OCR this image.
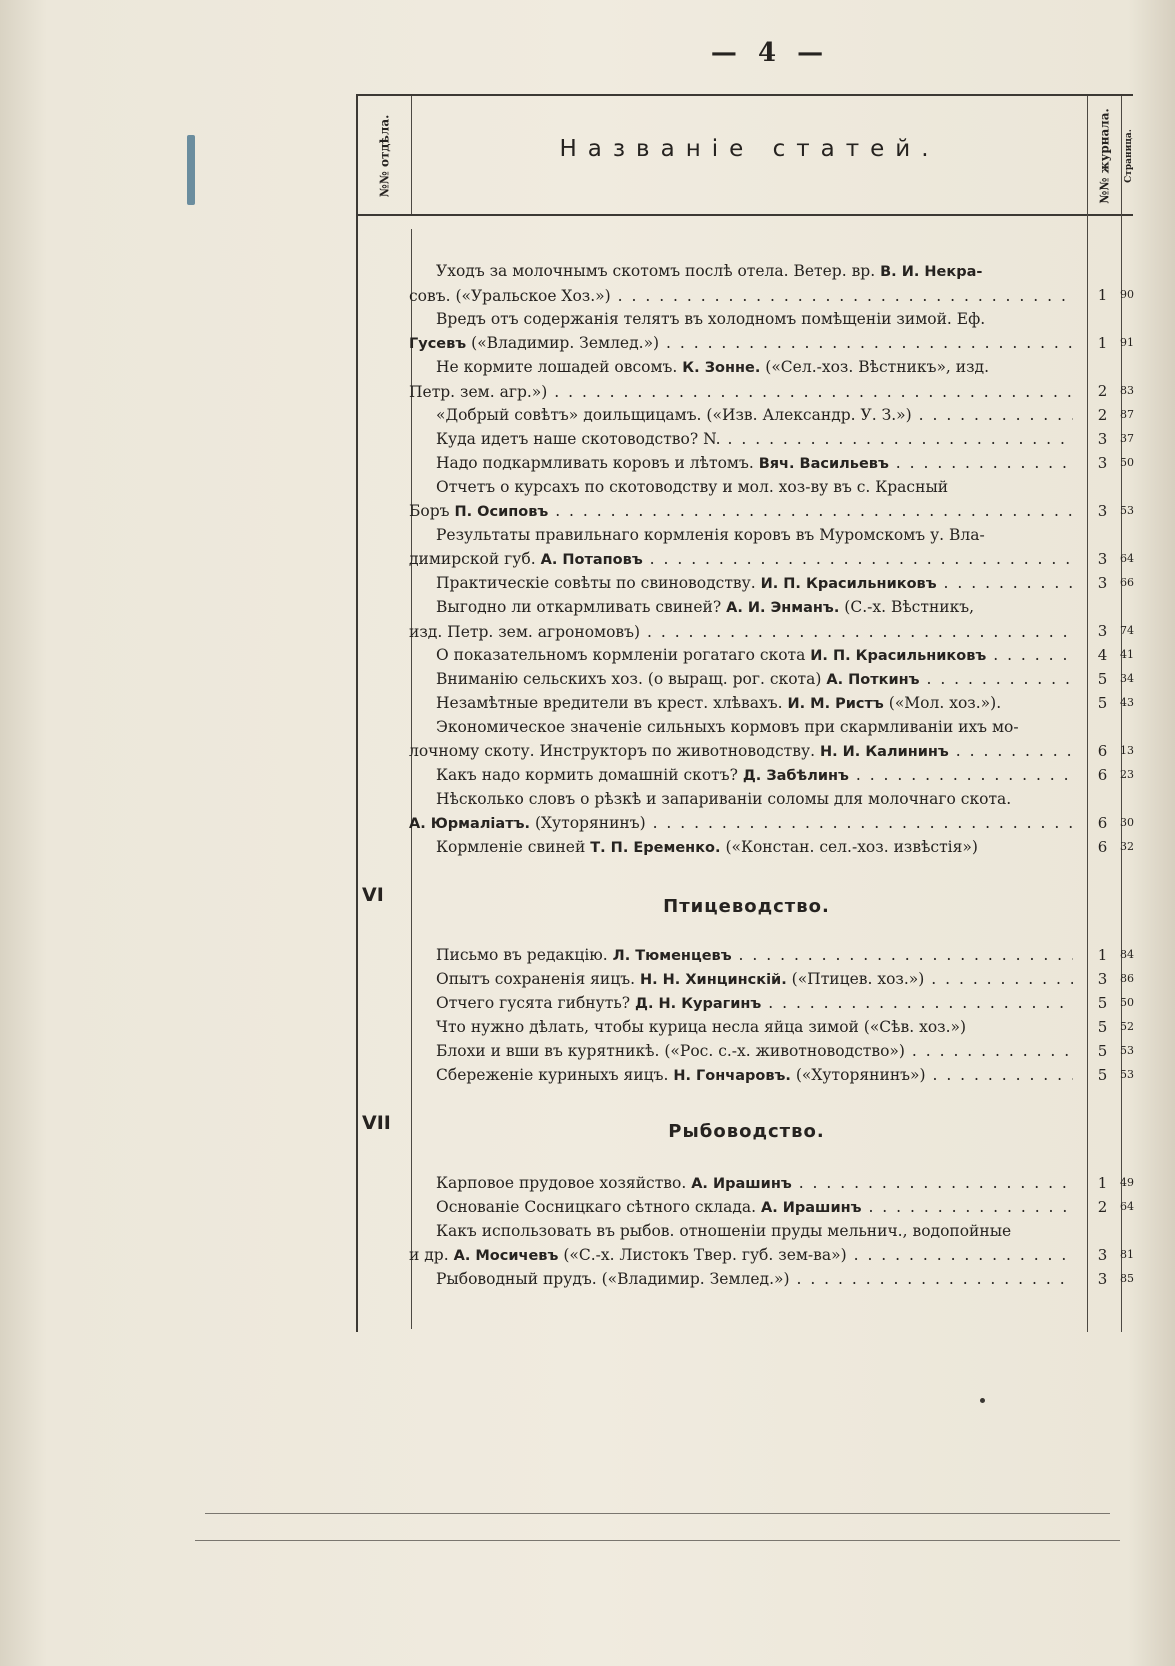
— 4 —
№№ отдѣла.	Названіе статей.	№№ журнала. Страница.
Уходъ за молочнымъ скотомъ послѣ отела. Ветер. вр. В. И. Некра-
совъ. («Уральское Хоз.») . . .	1	90
Вредъ отъ содержанія телятъ въ холодномъ помѣщеніи зимой. Еф.
Гусевъ («Владимир. Землед.») . . .	1	91
Не кормите лошадей овсомъ. К. Зонне. («Сел.-хоз. Вѣстникъ», изд.
Петр. зем. агр.») . . .	2	83
«Добрый совѣтъ» доильщицамъ. («Изв. Александр. У. З.») . . .	2	87
Куда идетъ наше скотоводство? N. . . .	3	37
Надо подкармливать коровъ и лѣтомъ. Вяч. Васильевъ . . .	3	50
Отчетъ о курсахъ по скотоводству и мол. хоз-ву въ с. Красный
Боръ П. Осиповъ . . .	3	53
Результаты правильнаго кормленія коровъ въ Муромскомъ у. Вла-
димирской губ. А. Потаповъ . . .	3	64
Практическіе совѣты по свиноводству. И. П. Красильниковъ . . .	3	66
Выгодно ли откармливать свиней? А. И. Энманъ. (С.-х. Вѣстникъ,
изд. Петр. зем. агрономовъ) . . .	3	74
О показательномъ кормленіи рогатаго скота И. П. Красильниковъ . . .	4	41
Вниманію сельскихъ хоз. (о выращ. рог. скота) А. Поткинъ . . .	5	34
Незамѣтные вредители въ крест. хлѣвахъ. И. М. Ристъ («Мол. хоз.»).	5	43
Экономическое значеніе сильныхъ кормовъ при скармливаніи ихъ мо-
лочному скоту. Инструкторъ по животноводству. Н. И. Калининъ . . .	6	13
Какъ надо кормить домашній скотъ? Д. Забѣлинъ . . .	6	23
Нѣсколько словъ о рѣзкѣ и запариваніи соломы для молочнаго скота.
А. Юрмаліатъ. (Хуторянинъ) . . .	6	30
Кормленіе свиней Т. П. Еременко. («Констан. сел.-хоз. извѣстія»)	6	32
VI
Птицеводство.
Письмо въ редакцію. Л. Тюменцевъ . . .	1	84
Опытъ сохраненія яицъ. Н. Н. Хинцинскій. («Птицев. хоз.») . . .	3	86
Отчего гусята гибнуть? Д. Н. Курагинъ . . .	5	50
Что нужно дѣлать, чтобы курица несла яйца зимой («Сѣв. хоз.»)	5	52
Блохи и вши въ курятникѣ. («Рос. с.-х. животноводство») . . .	5	53
Сбереженіе куриныхъ яицъ. Н. Гончаровъ. («Хуторянинъ») . . .	5	53
VII	Рыбоводство.
Карповое прудовое хозяйство. А. Ирашинъ . . .	1	49
Основаніе Сосницкаго сѣтного склада. А. Ирашинъ . . .	2	64
Какъ использовать въ рыбов. отношеніи пруды мельнич., водопойные
и др. А. Мосичевъ («С.-х. Листокъ Твер. губ. зем-ва») . . .	3	81
Рыбоводный прудъ. («Владимир. Землед.») . . .	3	85
